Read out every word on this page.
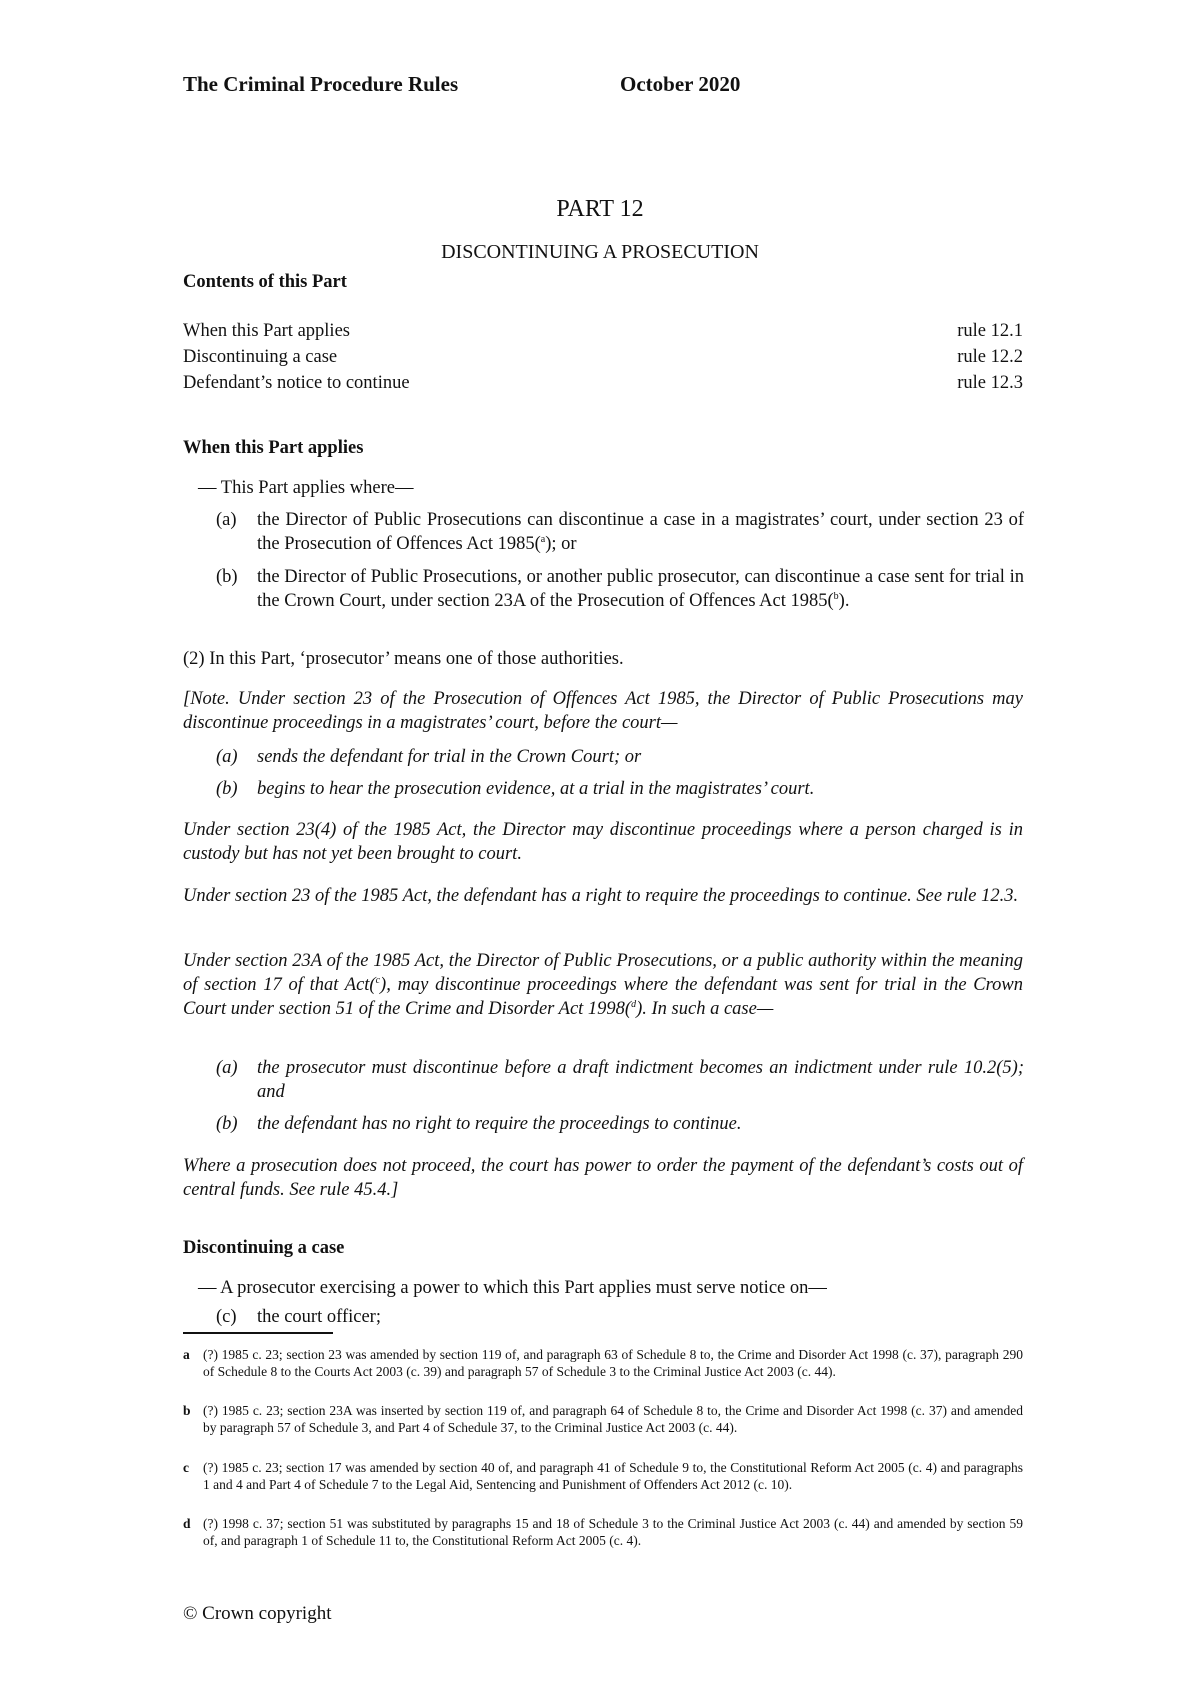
The Criminal Procedure Rules	October 2020
PART 12
DISCONTINUING A PROSECUTION
Contents of this Part
When this Part applies	rule 12.1
Discontinuing a case	rule 12.2
Defendant’s notice to continue	rule 12.3
When this Part applies
— This Part applies where—
(a) the Director of Public Prosecutions can discontinue a case in a magistrates’ court, under section 23 of the Prosecution of Offences Act 1985($^a$); or
(b) the Director of Public Prosecutions, or another public prosecutor, can discontinue a case sent for trial in the Crown Court, under section 23A of the Prosecution of Offences Act 1985($^b$).
(2) In this Part, ‘prosecutor’ means one of those authorities.
[Note. Under section 23 of the Prosecution of Offences Act 1985, the Director of Public Prosecutions may discontinue proceedings in a magistrates’ court, before the court—
(a) sends the defendant for trial in the Crown Court; or
(b) begins to hear the prosecution evidence, at a trial in the magistrates’ court.
Under section 23(4) of the 1985 Act, the Director may discontinue proceedings where a person charged is in custody but has not yet been brought to court.
Under section 23 of the 1985 Act, the defendant has a right to require the proceedings to continue. See rule 12.3.
Under section 23A of the 1985 Act, the Director of Public Prosecutions, or a public authority within the meaning of section 17 of that Act($^c$), may discontinue proceedings where the defendant was sent for trial in the Crown Court under section 51 of the Crime and Disorder Act 1998($^d$). In such a case—
(a) the prosecutor must discontinue before a draft indictment becomes an indictment under rule 10.2(5); and
(b) the defendant has no right to require the proceedings to continue.
Where a prosecution does not proceed, the court has power to order the payment of the defendant’s costs out of central funds. See rule 45.4.]
Discontinuing a case
— A prosecutor exercising a power to which this Part applies must serve notice on—
(c) the court officer;
a (?) 1985 c. 23; section 23 was amended by section 119 of, and paragraph 63 of Schedule 8 to, the Crime and Disorder Act 1998 (c. 37), paragraph 290 of Schedule 8 to the Courts Act 2003 (c. 39) and paragraph 57 of Schedule 3 to the Criminal Justice Act 2003 (c. 44).
b (?) 1985 c. 23; section 23A was inserted by section 119 of, and paragraph 64 of Schedule 8 to, the Crime and Disorder Act 1998 (c. 37) and amended by paragraph 57 of Schedule 3, and Part 4 of Schedule 37, to the Criminal Justice Act 2003 (c. 44).
c (?) 1985 c. 23; section 17 was amended by section 40 of, and paragraph 41 of Schedule 9 to, the Constitutional Reform Act 2005 (c. 4) and paragraphs 1 and 4 and Part 4 of Schedule 7 to the Legal Aid, Sentencing and Punishment of Offenders Act 2012 (c. 10).
d (?) 1998 c. 37; section 51 was substituted by paragraphs 15 and 18 of Schedule 3 to the Criminal Justice Act 2003 (c. 44) and amended by section 59 of, and paragraph 1 of Schedule 11 to, the Constitutional Reform Act 2005 (c. 4).
© Crown copyright
